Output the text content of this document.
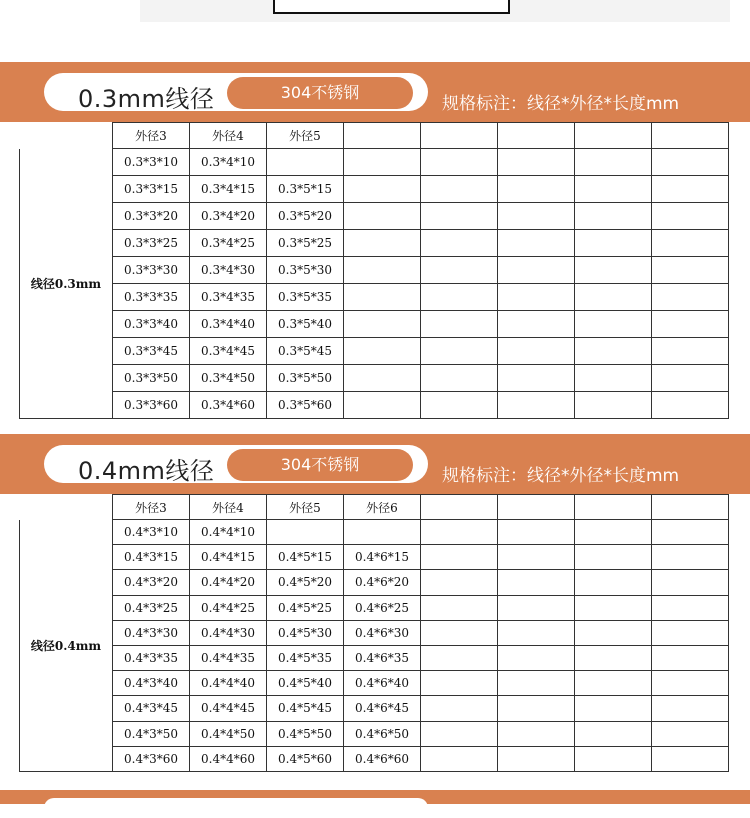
0.3mm线径	304不锈钢
规格标注：线径*外径*长度mm
	外径3	外径4	外径5					
线径0.3mm	0.3*3*10	0.3*4*10						
	0.3*3*15	0.3*4*15	0.3*5*15					
	0.3*3*20	0.3*4*20	0.3*5*20					
	0.3*3*25	0.3*4*25	0.3*5*25					
	0.3*3*30	0.3*4*30	0.3*5*30					
	0.3*3*35	0.3*4*35	0.3*5*35					
	0.3*3*40	0.3*4*40	0.3*5*40					
	0.3*3*45	0.3*4*45	0.3*5*45					
	0.3*3*50	0.3*4*50	0.3*5*50					
	0.3*3*60	0.3*4*60	0.3*5*60					
0.4mm线径	304不锈钢
规格标注：线径*外径*长度mm
	外径3	外径4	外径5	外径6				
线径0.4mm	0.4*3*10	0.4*4*10						
	0.4*3*15	0.4*4*15	0.4*5*15	0.4*6*15				
	0.4*3*20	0.4*4*20	0.4*5*20	0.4*6*20				
	0.4*3*25	0.4*4*25	0.4*5*25	0.4*6*25				
	0.4*3*30	0.4*4*30	0.4*5*30	0.4*6*30				
	0.4*3*35	0.4*4*35	0.4*5*35	0.4*6*35				
	0.4*3*40	0.4*4*40	0.4*5*40	0.4*6*40				
	0.4*3*45	0.4*4*45	0.4*5*45	0.4*6*45				
	0.4*3*50	0.4*4*50	0.4*5*50	0.4*6*50				
	0.4*3*60	0.4*4*60	0.4*5*60	0.4*6*60				
